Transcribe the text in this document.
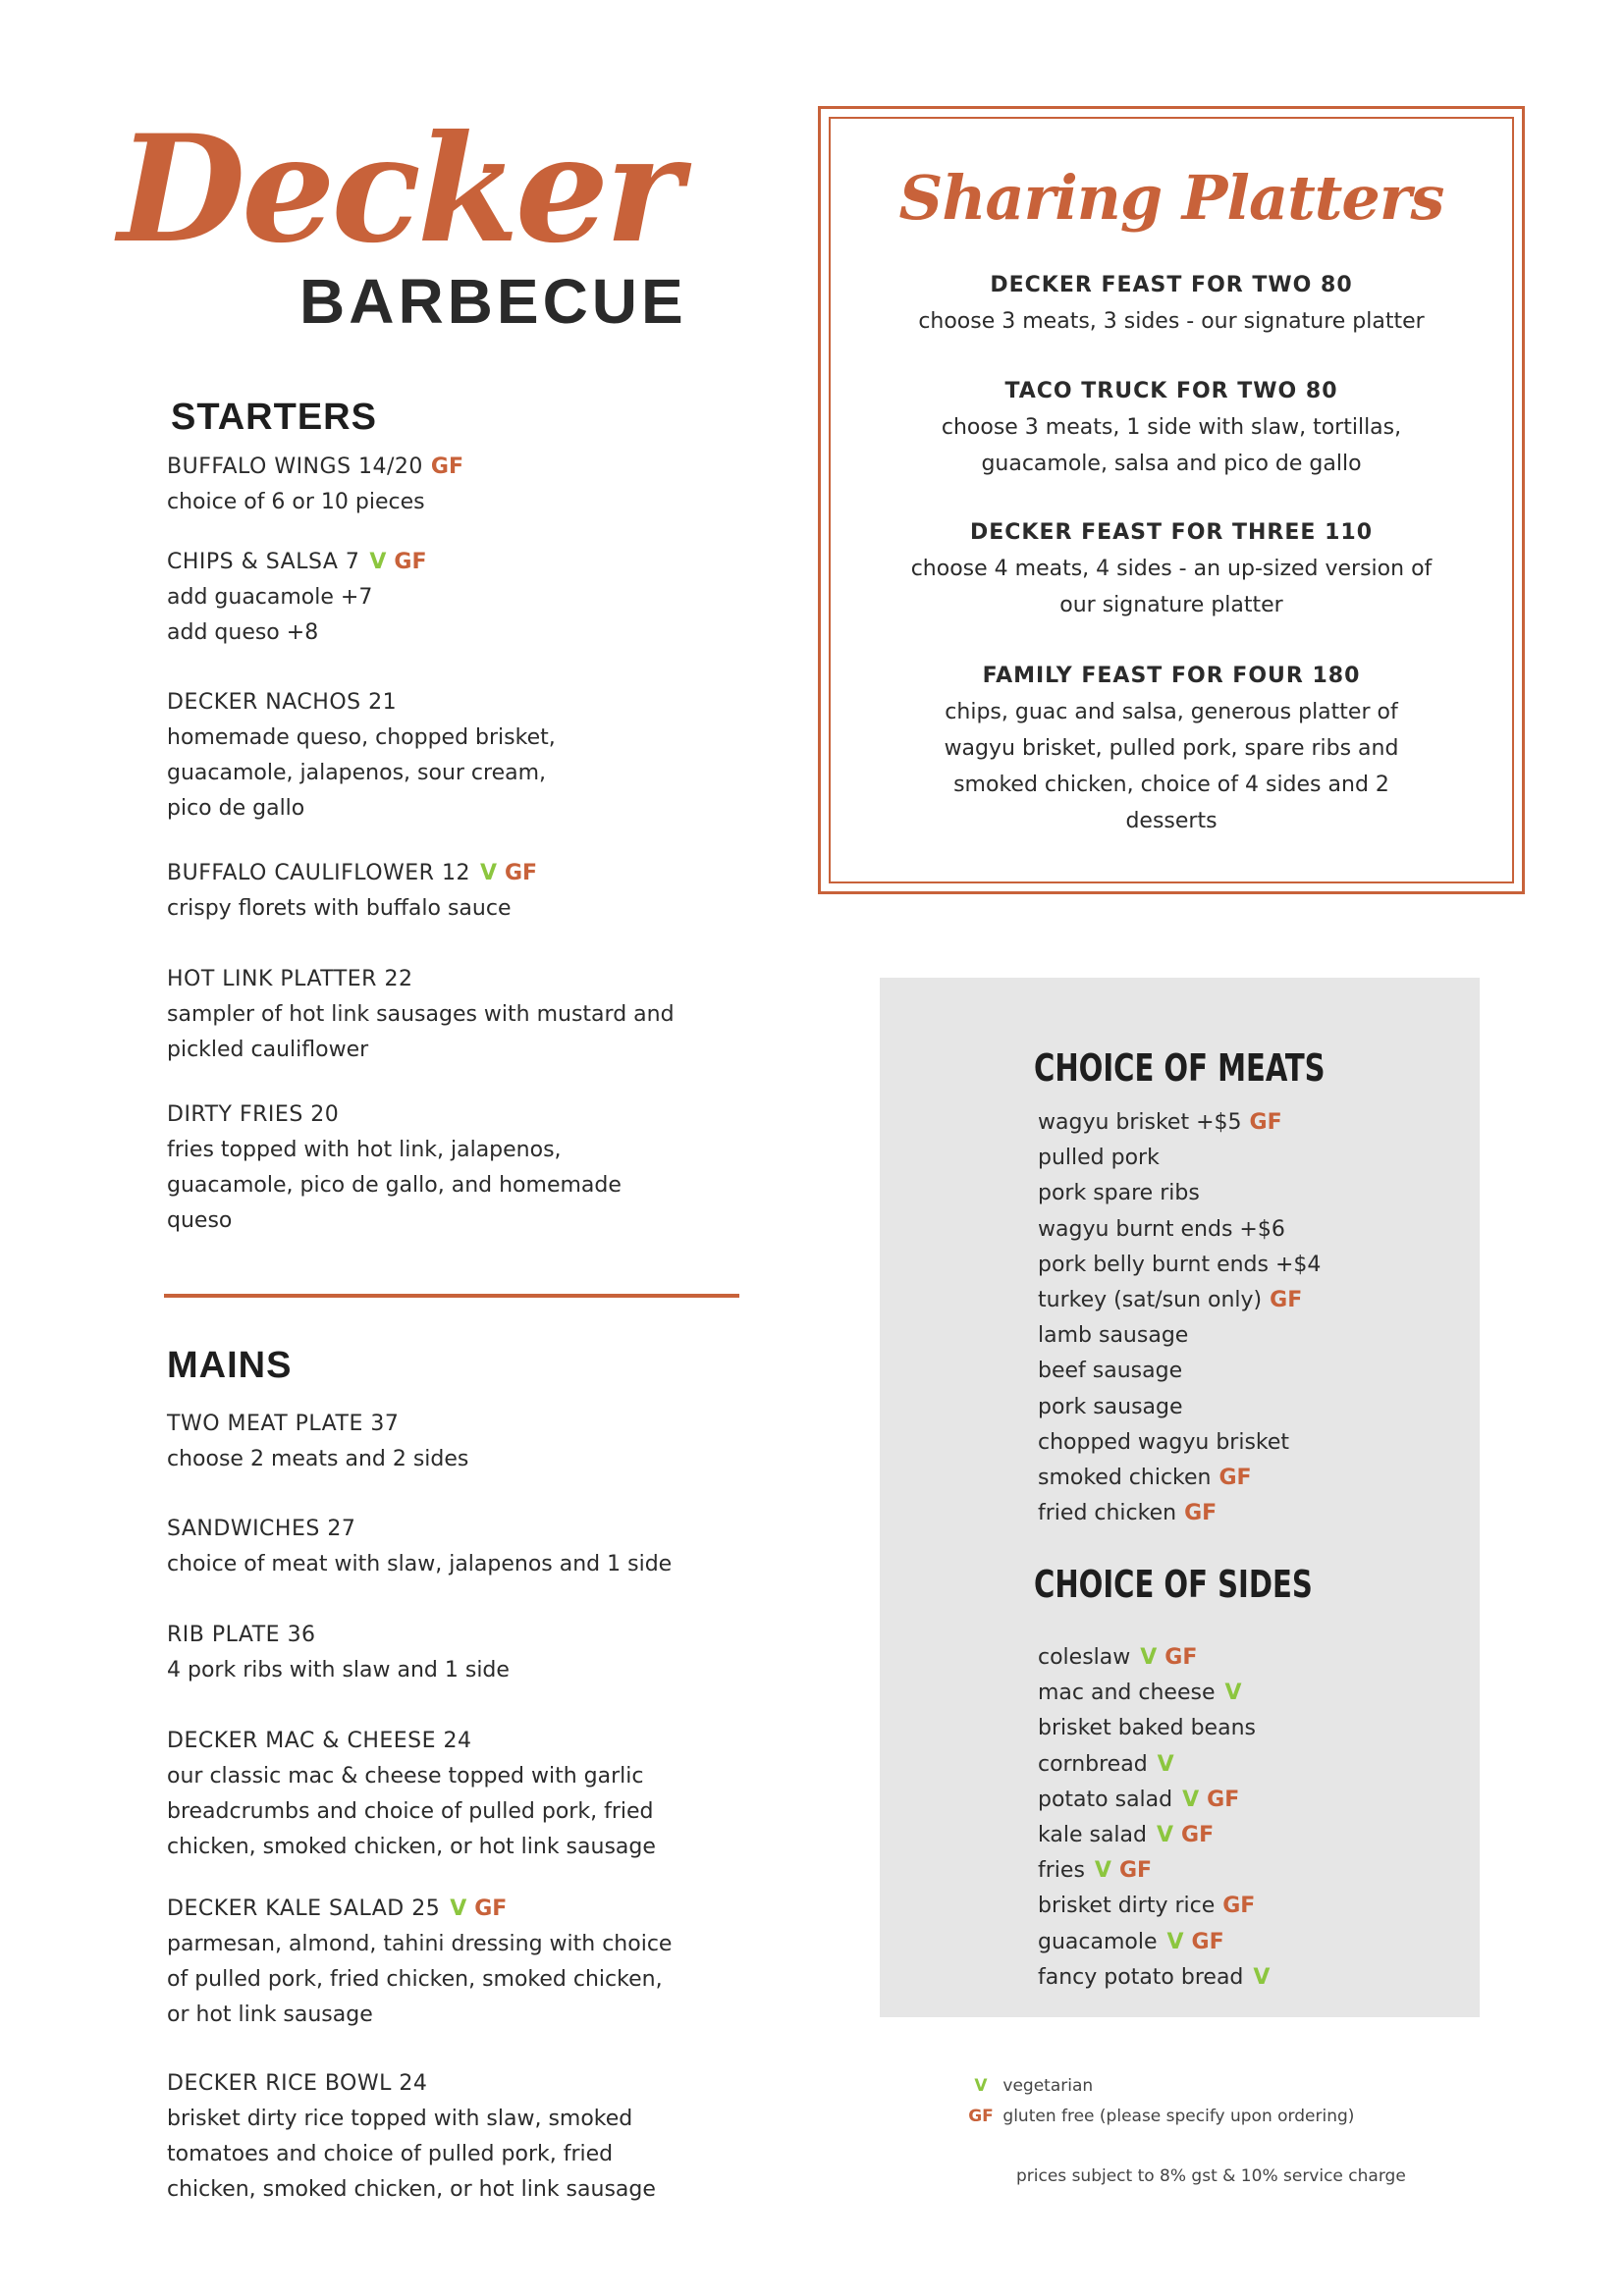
Decker
BARBECUE
STARTERS
BUFFALO WINGS 14/20 GF
choice of 6 or 10 pieces
CHIPS & SALSA 7 V GF
add guacamole +7
add queso +8
DECKER NACHOS 21
homemade queso, chopped brisket,
guacamole, jalapenos, sour cream,
pico de gallo
BUFFALO CAULIFLOWER 12 V GF
crispy florets with buffalo sauce
HOT LINK PLATTER 22
sampler of hot link sausages with mustard and
pickled cauliflower
DIRTY FRIES 20
fries topped with hot link, jalapenos,
guacamole, pico de gallo, and homemade
queso
MAINS
TWO MEAT PLATE 37
choose 2 meats and 2 sides
SANDWICHES 27
choice of meat with slaw, jalapenos and 1 side
RIB PLATE 36
4 pork ribs with slaw and 1 side
DECKER MAC & CHEESE 24
our classic mac & cheese topped with garlic
breadcrumbs and choice of pulled pork, fried
chicken, smoked chicken, or hot link sausage
DECKER KALE SALAD 25 V GF
parmesan, almond, tahini dressing with choice
of pulled pork, fried chicken, smoked chicken,
or hot link sausage
DECKER RICE BOWL 24
brisket dirty rice topped with slaw, smoked
tomatoes and choice of pulled pork, fried
chicken, smoked chicken, or hot link sausage
Sharing Platters
DECKER FEAST FOR TWO 80
choose 3 meats, 3 sides - our signature platter
TACO TRUCK FOR TWO 80
choose 3 meats, 1 side with slaw, tortillas,
guacamole, salsa and pico de gallo
DECKER FEAST FOR THREE 110
choose 4 meats, 4 sides - an up-sized version of
our signature platter
FAMILY FEAST FOR FOUR 180
chips, guac and salsa, generous platter of
wagyu brisket, pulled pork, spare ribs and
smoked chicken, choice of 4 sides and 2
desserts
CHOICE OF MEATS
wagyu brisket +$5 GF
pulled pork
pork spare ribs
wagyu burnt ends +$6
pork belly burnt ends +$4
turkey (sat/sun only) GF
lamb sausage
beef sausage
pork sausage
chopped wagyu brisket
smoked chicken GF
fried chicken GF
CHOICE OF SIDES
coleslaw V GF
mac and cheese V
brisket baked beans
cornbread V
potato salad V GF
kale salad V GF
fries V GF
brisket dirty rice GF
guacamole V GF
fancy potato bread V
V vegetarian
GF gluten free (please specify upon ordering)
prices subject to 8% gst & 10% service charge
